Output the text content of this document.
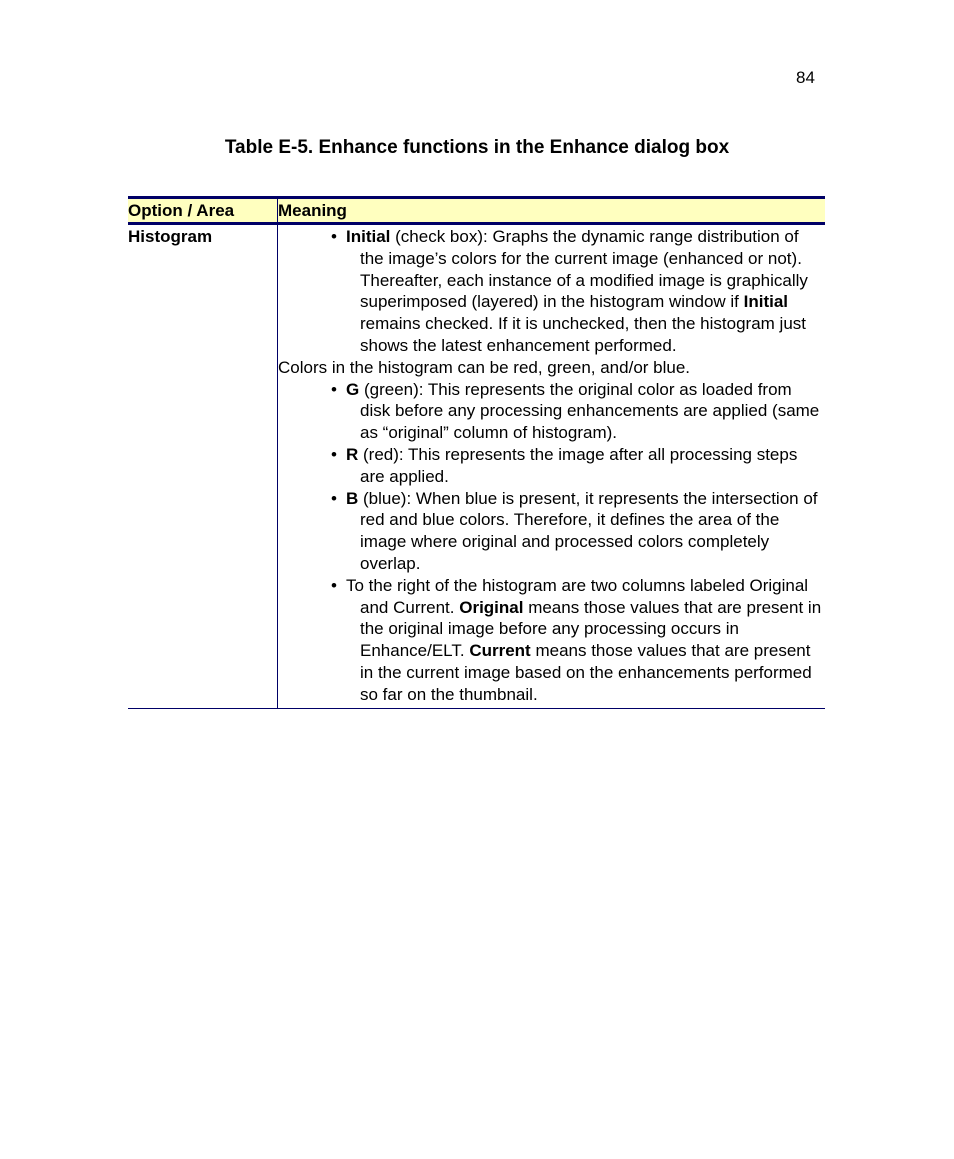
84
Table E-5. Enhance functions in the Enhance dialog box
Option / Area	Meaning
Histogram	• Initial (check box): Graphs the dynamic range distribution of the image’s colors for the current image (enhanced or not). Thereafter, each instance of a modified image is graphically superimposed (layered) in the histogram window if Initial remains checked. If it is unchecked, then the histogram just shows the latest enhancement performed.
Colors in the histogram can be red, green, and/or blue.
• G (green): This represents the original color as loaded from disk before any processing enhancements are applied (same as “original” column of histogram).
• R (red): This represents the image after all processing steps are applied.
• B (blue): When blue is present, it represents the intersection of red and blue colors. Therefore, it defines the area of the image where original and processed colors completely overlap.
• To the right of the histogram are two columns labeled Original and Current. Original means those values that are present in the original image before any processing occurs in Enhance/ELT. Current means those values that are present in the current image based on the enhancements performed so far on the thumbnail.
